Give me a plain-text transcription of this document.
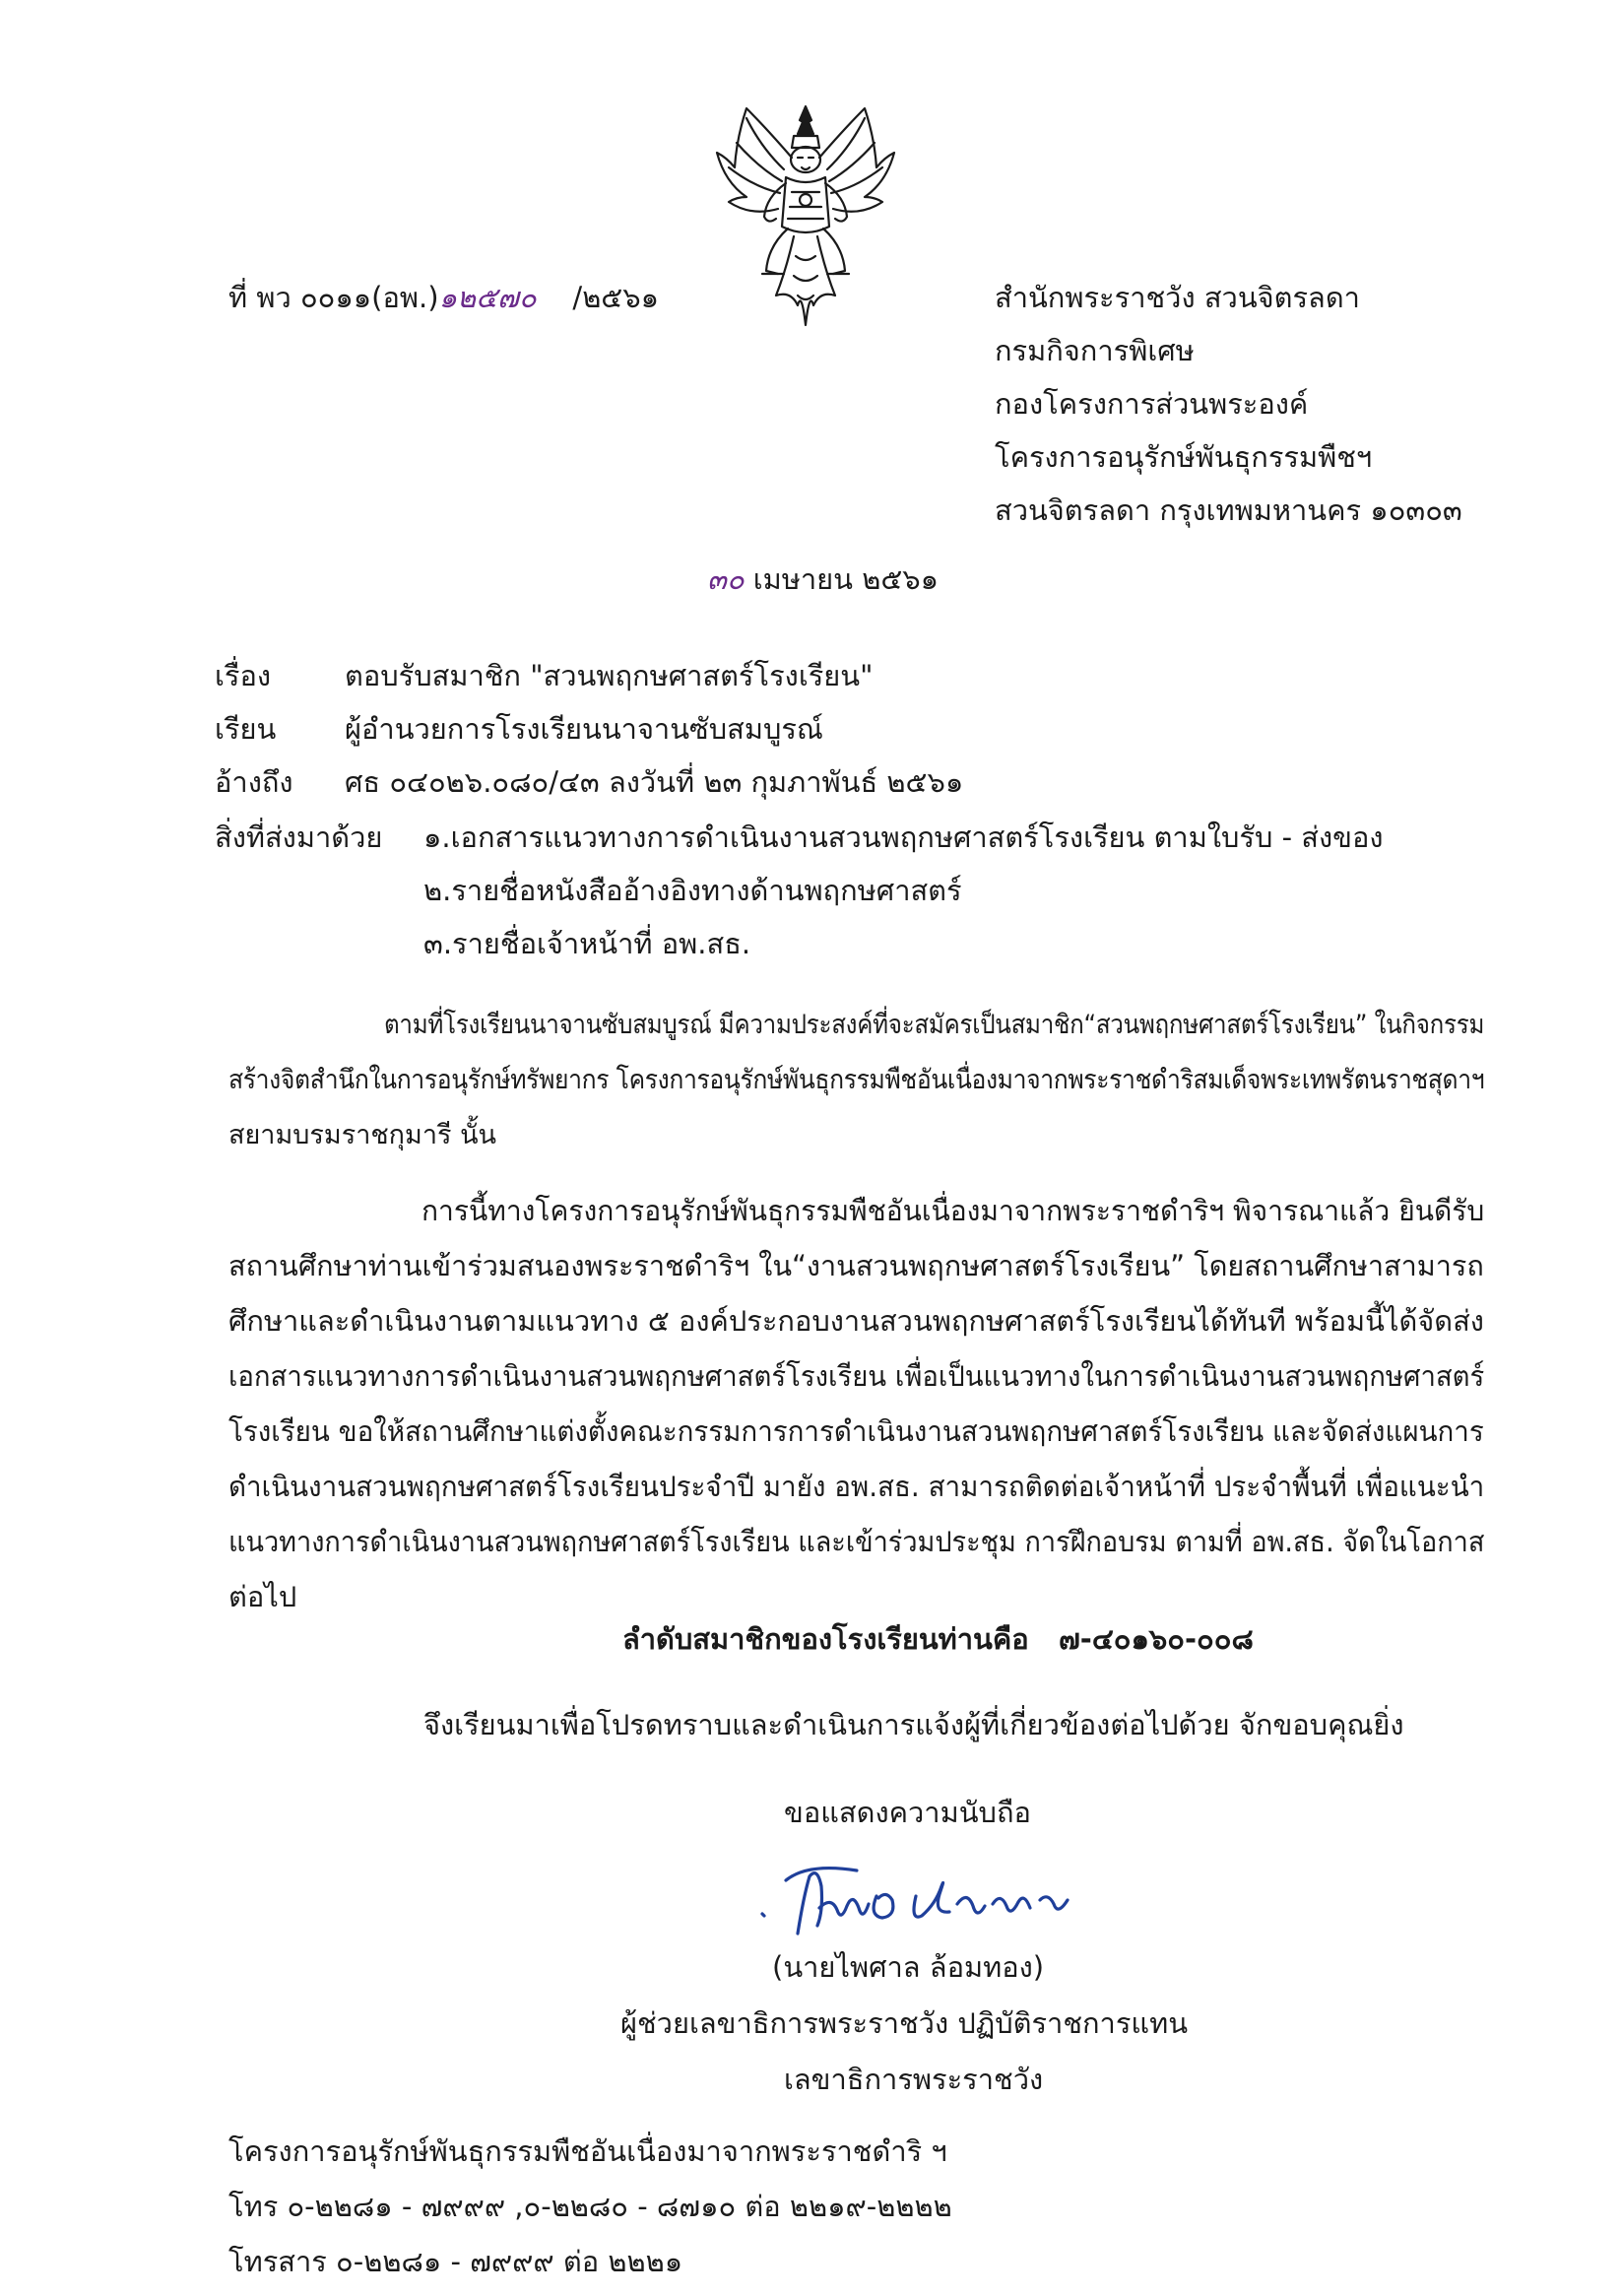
ที่ พว ๐๐๑๑(อพ.)๑๒๕๗๐ /๒๕๖๑	สำนักพระราชวัง สวนจิตรลดา
กรมกิจการพิเศษ
กองโครงการส่วนพระองค์
โครงการอนุรักษ์พันธุกรรมพืชฯ
สวนจิตรลดา กรุงเทพมหานคร ๑๐๓๐๓
๓๐ เมษายน ๒๕๖๑
เรื่อง	ตอบรับสมาชิก "สวนพฤกษศาสตร์โรงเรียน"
เรียน ผู้อำนวยการโรงเรียนนาจานซับสมบูรณ์
อ้างถึง ศธ ๐๔๐๒๖.๐๘๐/๔๓ ลงวันที่ ๒๓ กุมภาพันธ์ ๒๕๖๑
สิ่งที่ส่งมาด้วย ๑.เอกสารแนวทางการดำเนินงานสวนพฤกษศาสตร์โรงเรียน ตามใบรับ - ส่งของ
๒.รายชื่อหนังสืออ้างอิงทางด้านพฤกษศาสตร์
๓.รายชื่อเจ้าหน้าที่ อพ.สธ.
ตามที่โรงเรียนนาจานซับสมบูรณ์ มีความประสงค์ที่จะสมัครเป็นสมาชิก“สวนพฤกษศาสตร์โรงเรียน” ในกิจกรรม
สร้างจิตสำนึกในการอนุรักษ์ทรัพยากร โครงการอนุรักษ์พันธุกรรมพืชอันเนื่องมาจากพระราชดำริสมเด็จพระเทพรัตนราชสุดาฯ
สยามบรมราชกุมารี นั้น
การนี้ทางโครงการอนุรักษ์พันธุกรรมพืชอันเนื่องมาจากพระราชดำริฯ พิจารณาแล้ว ยินดีรับ
สถานศึกษาท่านเข้าร่วมสนองพระราชดำริฯ ใน“งานสวนพฤกษศาสตร์โรงเรียน” โดยสถานศึกษาสามารถ
ศึกษาและดำเนินงานตามแนวทาง ๕ องค์ประกอบงานสวนพฤกษศาสตร์โรงเรียนได้ทันที พร้อมนี้ได้จัดส่ง
เอกสารแนวทางการดำเนินงานสวนพฤกษศาสตร์โรงเรียน เพื่อเป็นแนวทางในการดำเนินงานสวนพฤกษศาสตร์
โรงเรียน ขอให้สถานศึกษาแต่งตั้งคณะกรรมการการดำเนินงานสวนพฤกษศาสตร์โรงเรียน และจัดส่งแผนการ
ดำเนินงานสวนพฤกษศาสตร์โรงเรียนประจำปี มายัง อพ.สธ. สามารถติดต่อเจ้าหน้าที่ ประจำพื้นที่ เพื่อแนะนำ
แนวทางการดำเนินงานสวนพฤกษศาสตร์โรงเรียน และเข้าร่วมประชุม การฝึกอบรม ตามที่ อพ.สธ. จัดในโอกาส
ต่อไป
ลำดับสมาชิกของโรงเรียนท่านคือ ๗-๔๐๑๖๐-๐๐๘
จึงเรียนมาเพื่อโปรดทราบและดำเนินการแจ้งผู้ที่เกี่ยวข้องต่อไปด้วย จักขอบคุณยิ่ง
ขอแสดงความนับถือ
(นายไพศาล ล้อมทอง)
ผู้ช่วยเลขาธิการพระราชวัง ปฏิบัติราชการแทน
เลขาธิการพระราชวัง
โครงการอนุรักษ์พันธุกรรมพืชอันเนื่องมาจากพระราชดำริ ฯ
โทร ๐-๒๒๘๑ - ๗๙๙๙ ,๐-๒๒๘๐ - ๘๗๑๐ ต่อ ๒๒๑๙-๒๒๒๒
โทรสาร ๐-๒๒๘๑ - ๗๙๙๙ ต่อ ๒๒๒๑
